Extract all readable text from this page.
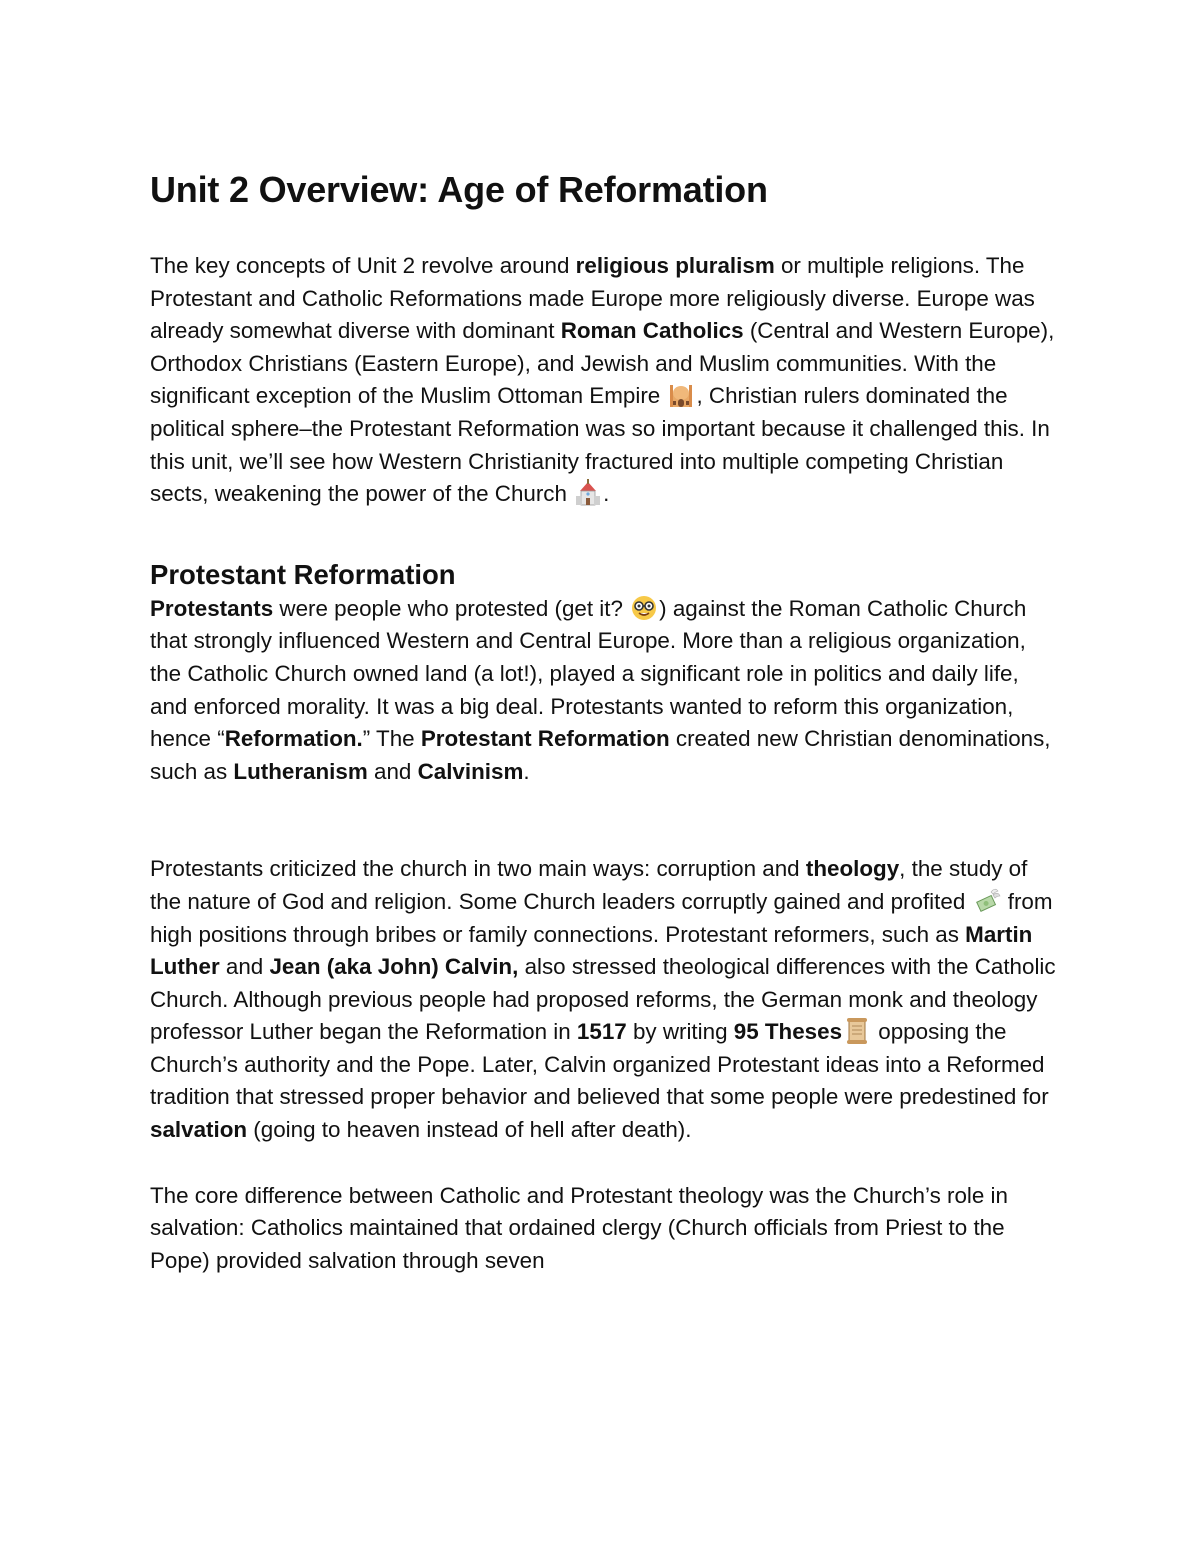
Unit 2 Overview: Age of Reformation

The key concepts of Unit 2 revolve around religious pluralism or multiple religions. The Protestant and Catholic Reformations made Europe more religiously diverse. Europe was already somewhat diverse with dominant Roman Catholics (Central and Western Europe), Orthodox Christians (Eastern Europe), and Jewish and Muslim communities. With the significant exception of the Muslim Ottoman Empire , Christian rulers dominated the political sphere–the Protestant Reformation was so important because it challenged this. In this unit, we’ll see how Western Christianity fractured into multiple competing Christian sects, weakening the power of the Church .

Protestant Reformation

Protestants were people who protested (get it? ) against the Roman Catholic Church that strongly influenced Western and Central Europe. More than a religious organization, the Catholic Church owned land (a lot!), played a significant role in politics and daily life, and enforced morality. It was a big deal. Protestants wanted to reform this organization, hence “Reformation.” The Protestant Reformation created new Christian denominations, such as Lutheranism and Calvinism.

Protestants criticized the church in two main ways: corruption and theology, the study of the nature of God and religion. Some Church leaders corruptly gained and profited  from high positions through bribes or family connections. Protestant reformers, such as Martin Luther and Jean (aka John) Calvin, also stressed theological differences with the Catholic Church. Although previous people had proposed reforms, the German monk and theology professor Luther began the Reformation in 1517 by writing 95 Theses opposing the Church’s authority and the Pope. Later, Calvin organized Protestant ideas into a Reformed tradition that stressed proper behavior and believed that some people were predestined for salvation (going to heaven instead of hell after death).

The core difference between Catholic and Protestant theology was the Church’s role in salvation: Catholics maintained that ordained clergy (Church officials from Priest to the Pope) provided salvation through seven
